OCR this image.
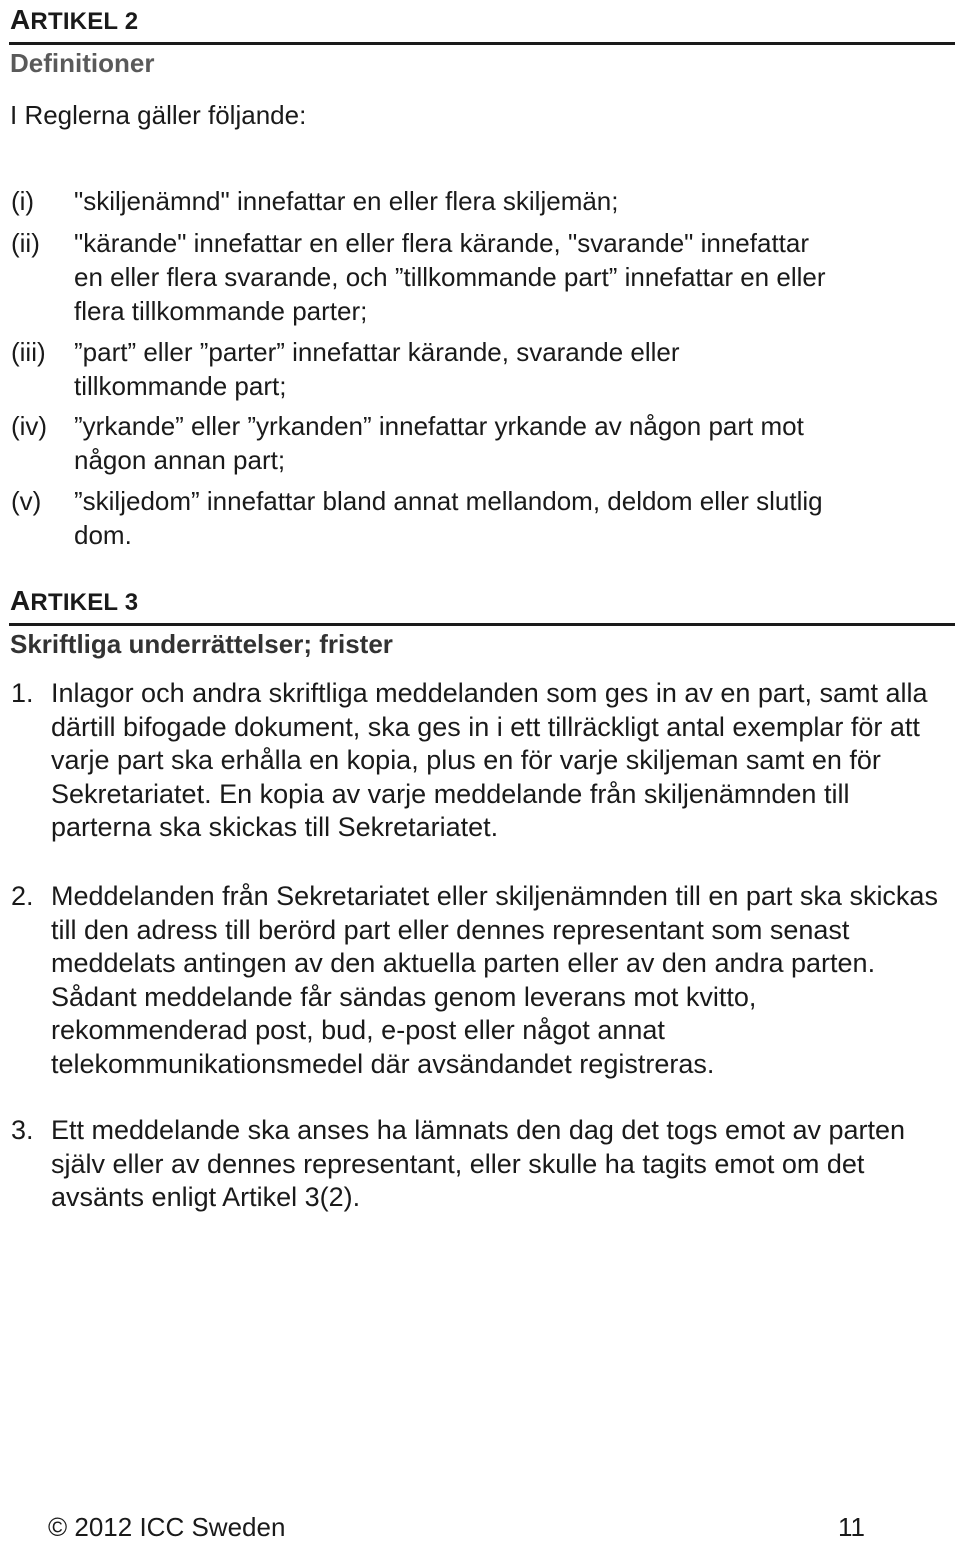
ARTIKEL 2
Definitioner
I Reglerna gäller följande:
(i) "skiljenämnd" innefattar en eller flera skiljemän;
(ii) "kärande" innefattar en eller flera kärande, "svarande" innefattar en eller flera svarande, och ”tillkommande part” innefattar en eller flera tillkommande parter;
(iii) ”part” eller ”parter” innefattar kärande, svarande eller tillkommande part;
(iv) ”yrkande” eller ”yrkanden” innefattar yrkande av någon part mot någon annan part;
(v) ”skiljedom” innefattar bland annat mellandom, deldom eller slutlig dom.
ARTIKEL 3
Skriftliga underrättelser; frister
1. Inlagor och andra skriftliga meddelanden som ges in av en part, samt alla därtill bifogade dokument, ska ges in i ett tillräckligt antal exemplar för att varje part ska erhålla en kopia, plus en för varje skiljeman samt en för Sekretariatet. En kopia av varje meddelande från skiljenämnden till parterna ska skickas till Sekretariatet.
2. Meddelanden från Sekretariatet eller skiljenämnden till en part ska skickas till den adress till berörd part eller dennes representant som senast meddelats antingen av den aktuella parten eller av den andra parten. Sådant meddelande får sändas genom leverans mot kvitto, rekommenderad post, bud, e-post eller något annat telekommunikationsmedel där avsändandet registreras.
3. Ett meddelande ska anses ha lämnats den dag det togs emot av parten själv eller av dennes representant, eller skulle ha tagits emot om det avsänts enligt Artikel 3(2).
© 2012 ICC Sweden	11
